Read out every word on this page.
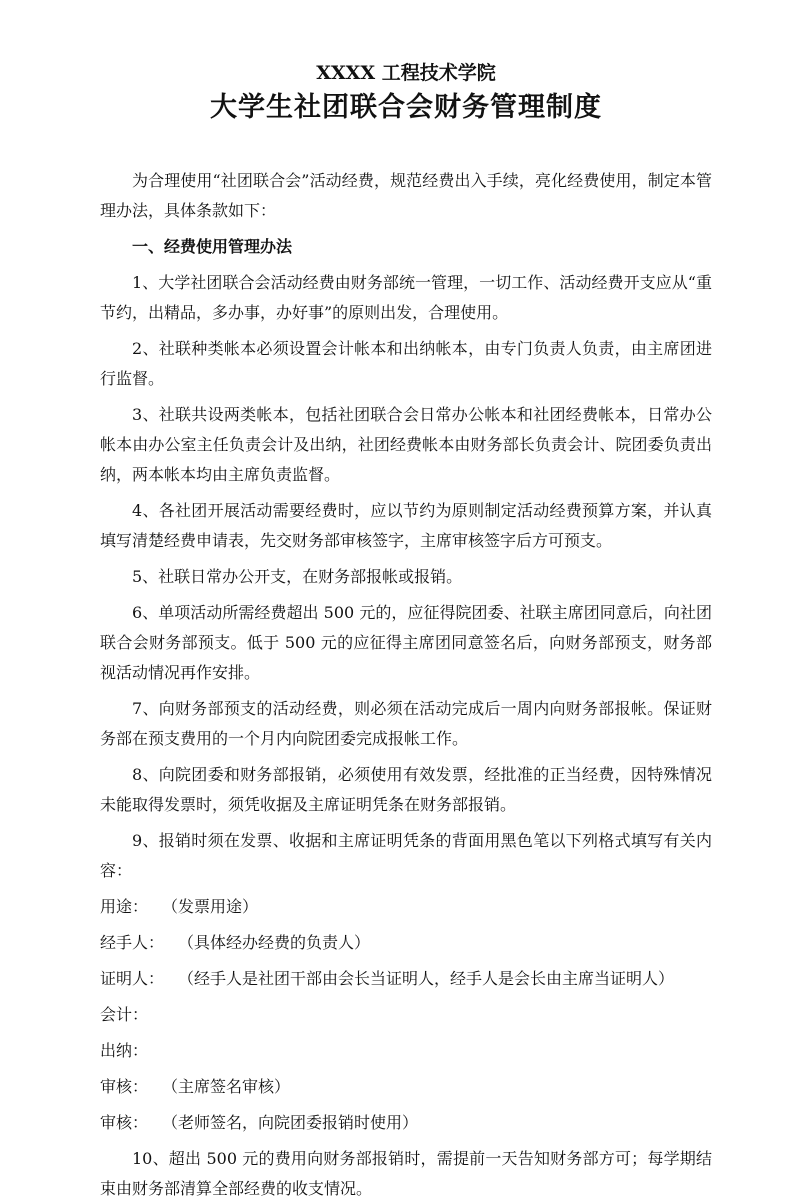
XXXX 工程技术学院
大学生社团联合会财务管理制度
为合理使用“社团联合会”活动经费，规范经费出入手续，亮化经费使用，制定本管理办法，具体条款如下：
一、经费使用管理办法
1、大学社团联合会活动经费由财务部统一管理，一切工作、活动经费开支应从“重节约，出精品，多办事，办好事”的原则出发，合理使用。
2、社联种类帐本必须设置会计帐本和出纳帐本，由专门负责人负责，由主席团进行监督。
3、社联共设两类帐本，包括社团联合会日常办公帐本和社团经费帐本，日常办公帐本由办公室主任负责会计及出纳，社团经费帐本由财务部长负责会计、院团委负责出纳，两本帐本均由主席负责监督。
4、各社团开展活动需要经费时，应以节约为原则制定活动经费预算方案，并认真填写清楚经费申请表，先交财务部审核签字，主席审核签字后方可预支。
5、社联日常办公开支，在财务部报帐或报销。
6、单项活动所需经费超出 500 元的，应征得院团委、社联主席团同意后，向社团联合会财务部预支。低于 500 元的应征得主席团同意签名后，向财务部预支，财务部视活动情况再作安排。
7、向财务部预支的活动经费，则必须在活动完成后一周内向财务部报帐。保证财务部在预支费用的一个月内向院团委完成报帐工作。
8、向院团委和财务部报销，必须使用有效发票，经批准的正当经费，因特殊情况未能取得发票时，须凭收据及主席证明凭条在财务部报销。
9、报销时须在发票、收据和主席证明凭条的背面用黑色笔以下列格式填写有关内容：
用途： （发票用途）
经手人： （具体经办经费的负责人）
证明人： （经手人是社团干部由会长当证明人，经手人是会长由主席当证明人）
会计：
出纳：
审核： （主席签名审核）
审核： （老师签名，向院团委报销时使用）
10、超出 500 元的费用向财务部报销时，需提前一天告知财务部方可；每学期结束由财务部清算全部经费的收支情况。
